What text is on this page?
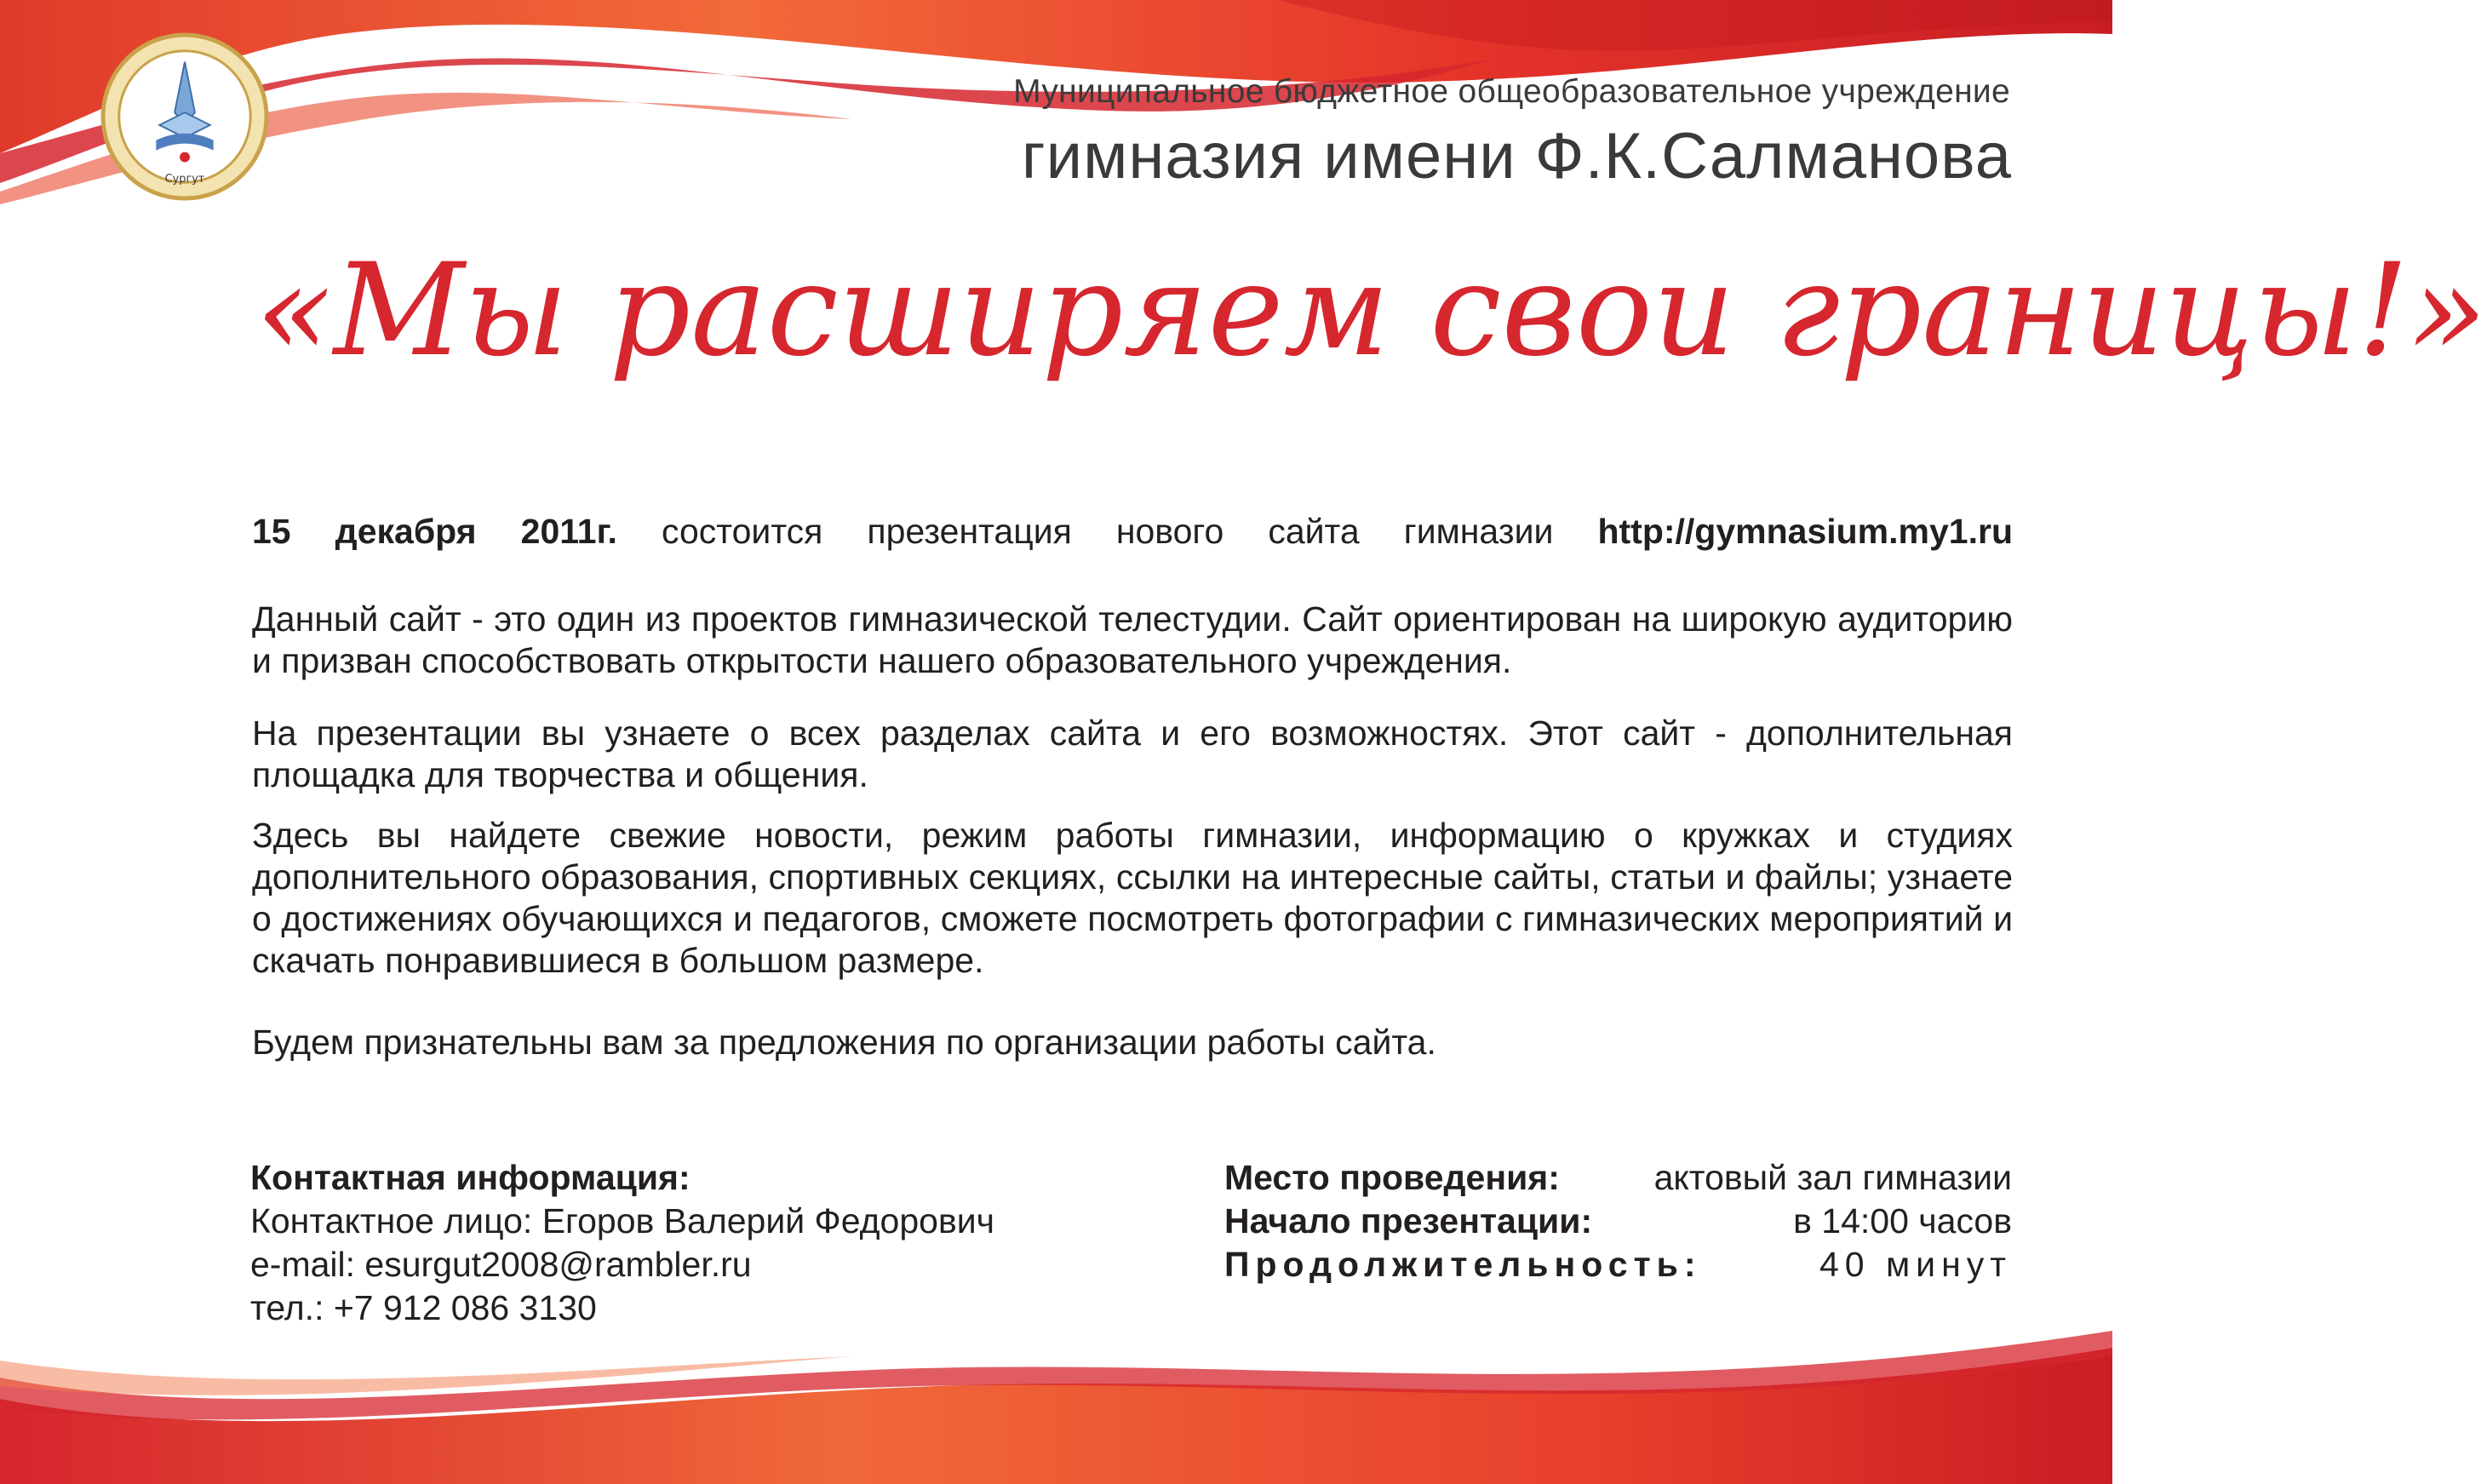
Сургут
Муниципальное бюджетное общеобразовательное учреждение
гимназия имени Ф.К.Салманова
«Мы расширяем свои границы!»

15 декабря 2011г. состоится презентация нового сайта гимназии http://gymnasium.my1.ru

Данный сайт - это один из проектов гимназической телестудии. Сайт ориентирован на широкую аудиторию и призван способствовать открытости нашего образовательного учреждения.

На презентации вы узнаете о всех разделах сайта и его возможностях. Этот сайт - дополнительная площадка для творчества и общения.

Здесь вы найдете свежие новости, режим работы гимназии, информацию о кружках и студиях дополнительного образования, спортивных секциях, ссылки на интересные сайты, статьи и файлы; узнаете о достижениях обучающихся и педагогов, сможете посмотреть фотографии с гимназических мероприятий и скачать понравившиеся в большом размере.

Будем признательны вам за предложения по организации работы сайта.

Контактная информация:
Контактное лицо: Егоров Валерий Федорович
e-mail: esurgut2008@rambler.ru
тел.: +7 912 086 3130
Место проведения:	актовый зал гимназии
Начало презентации:	в 14:00 часов
Продолжительность:	40 минут
